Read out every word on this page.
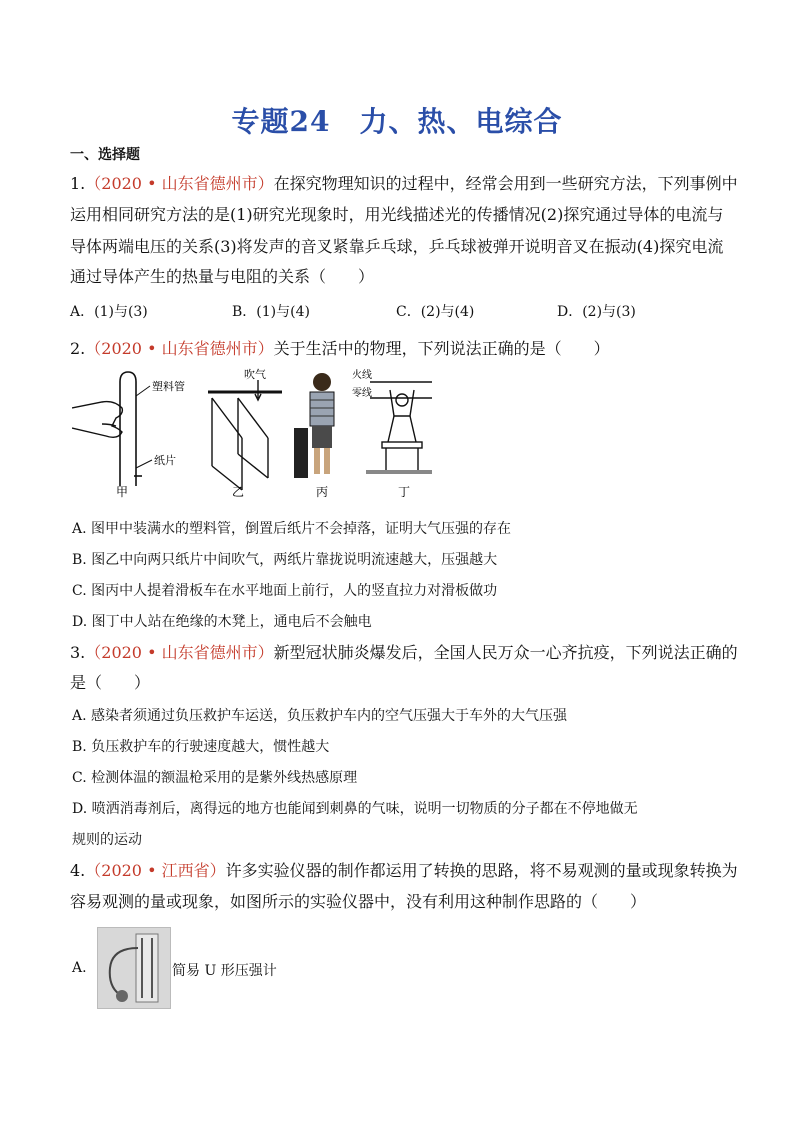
专题24　力、热、电综合
一、选择题
1.（2020 • 山东省德州市）在探究物理知识的过程中，经常会用到一些研究方法，下列事例中
运用相同研究方法的是(1)研究光现象时，用光线描述光的传播情况(2)探究通过导体的电流与
导体两端电压的关系(3)将发声的音叉紧靠乒乓球，乒乓球被弹开说明音叉在振动(4)探究电流
通过导体产生的热量与电阻的关系（　　）
A．(1)与(3)	B．(1)与(4)	C．(2)与(4)	D．(2)与(3)
2.（2020 • 山东省德州市）关于生活中的物理，下列说法正确的是（　　）
塑料管
纸片
甲
吹气
乙	丙
火线
零线
丁
A. 图甲中装满水的塑料管，倒置后纸片不会掉落，证明大气压强的存在
B. 图乙中向两只纸片中间吹气，两纸片靠拢说明流速越大，压强越大
C. 图丙中人提着滑板车在水平地面上前行，人的竖直拉力对滑板做功
D. 图丁中人站在绝缘的木凳上，通电后不会触电
3.（2020 • 山东省德州市）新型冠状肺炎爆发后，全国人民万众一心齐抗疫，下列说法正确的
是（　　）
A. 感染者须通过负压救护车运送，负压救护车内的空气压强大于车外的大气压强
B. 负压救护车的行驶速度越大，惯性越大
C. 检测体温的额温枪采用的是紫外线热感原理
D. 喷洒消毒剂后，离得远的地方也能闻到刺鼻的气味，说明一切物质的分子都在不停地做无
规则的运动
4.（2020 • 江西省）许多实验仪器的制作都运用了转换的思路，将不易观测的量或现象转换为
容易观测的量或现象，如图所示的实验仪器中，没有利用这种制作思路的（　　）
A.	简易 U 形压强计
